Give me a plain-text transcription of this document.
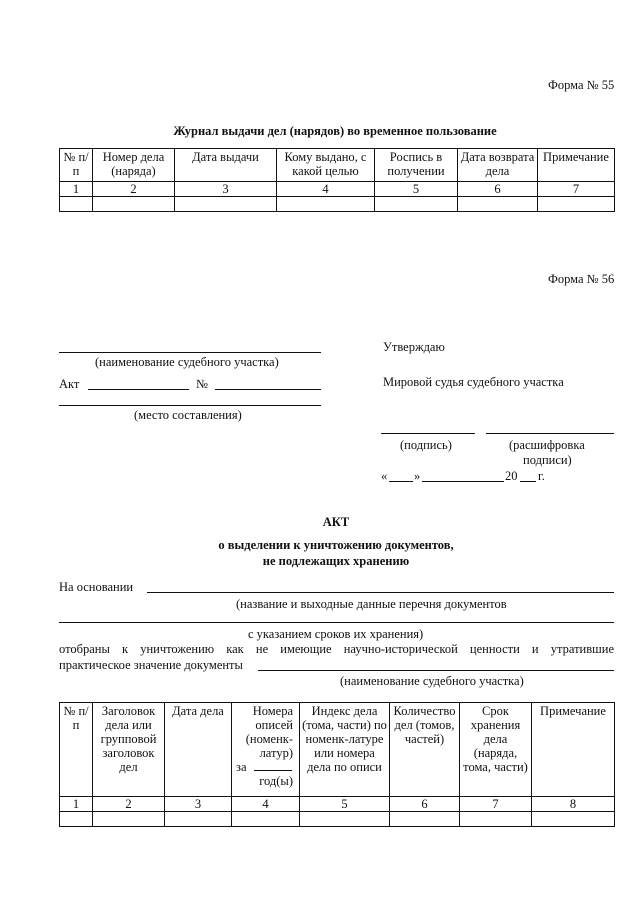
Форма № 55
Журнал выдачи дел (нарядов) во временное пользование
№ п/п	Номер дела (наряда)	Дата выдачи	Кому выдано, с какой целью	Роспись в получении	Дата возврата дела	Примечание
1	2	3	4	5	6	7

Форма № 56
(наименование судебного участка)
Акт	№
(место составления)
Утверждаю
Мировой судья судебного участка
(подпись)	(расшифровка
подписи)
« »	20 г.
АКТ
о выделении к уничтожению документов,
не подлежащих хранению
На основании
(название и выходные данные перечня документов
с указанием сроков их хранения)
отобраны к уничтожению как не имеющие научно-исторической ценности и утратившие
практическое значение документы
(наименование судебного участка)
№ п/п	Заголовок дела или групповой заголовок дел	Дата дела	Номера описей (номенк-латур)
за
год(ы)	Индекс дела (тома, части) по номенк-латуре или номера дела по описи	Количество дел (томов, частей)	Срок хранения дела (наряда, тома, части)	Примечание
1	2	3	4	5	6	7	8
